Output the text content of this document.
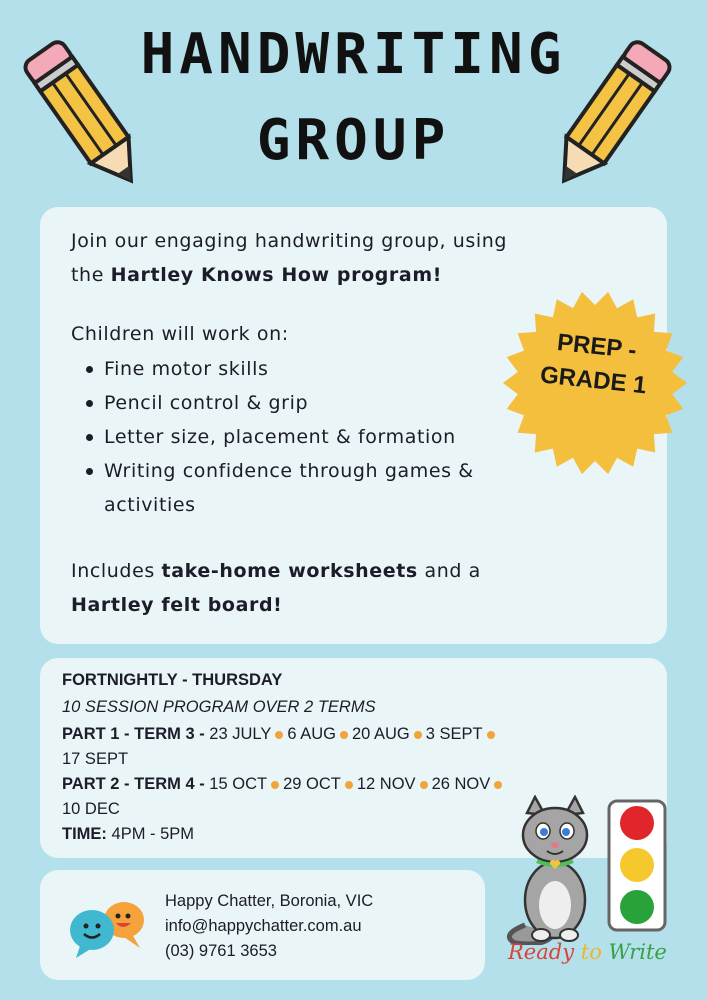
HANDWRITING
GROUP
Join our engaging handwriting group, using
the Hartley Knows How program!
Children will work on:
Fine motor skills
Pencil control & grip
Letter size, placement & formation
Writing confidence through games & activities
Includes take-home worksheets and a
Hartley felt board!
PREP -
GRADE 1
FORTNIGHTLY - THURSDAY
10 SESSION PROGRAM OVER 2 TERMS
PART 1 - TERM 3 - 23 JULY 6 AUG 20 AUG 3 SEPT
17 SEPT
PART 2 - TERM 4 - 15 OCT 29 OCT 12 NOV 26 NOV
10 DEC
TIME: 4PM - 5PM
Happy Chatter, Boronia, VIC
info@happychatter.com.au
(03) 9761 3653	Ready to Write
